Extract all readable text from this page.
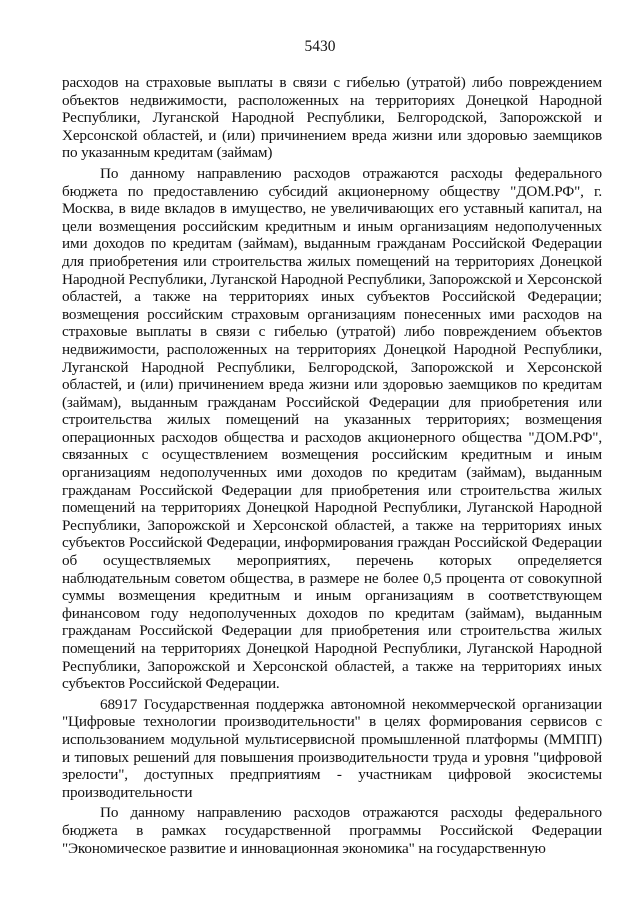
5430

расходов на страховые выплаты в связи с гибелью (утратой) либо повреждением объектов недвижимости, расположенных на территориях Донецкой Народной Республики, Луганской Народной Республики, Белгородской, Запорожской и Херсонской областей, и (или) причинением вреда жизни или здоровью заемщиков по указанным кредитам (займам)

По данному направлению расходов отражаются расходы федерального бюджета по предоставлению субсидий акционерному обществу "ДОМ.РФ", г. Москва, в виде вкладов в имущество, не увеличивающих его уставный капитал, на цели возмещения российским кредитным и иным организациям недополученных ими доходов по кредитам (займам), выданным гражданам Российской Федерации для приобретения или строительства жилых помещений на территориях Донецкой Народной Республики, Луганской Народной Республики, Запорожской и Херсонской областей, а также на территориях иных субъектов Российской Федерации; возмещения российским страховым организациям понесенных ими расходов на страховые выплаты в связи с гибелью (утратой) либо повреждением объектов недвижимости, расположенных на территориях Донецкой Народной Республики, Луганской Народной Республики, Белгородской, Запорожской и Херсонской областей, и (или) причинением вреда жизни или здоровью заемщиков по кредитам (займам), выданным гражданам Российской Федерации для приобретения или строительства жилых помещений на указанных территориях; возмещения операционных расходов общества и расходов акционерного общества "ДОМ.РФ", связанных с осуществлением возмещения российским кредитным и иным организациям недополученных ими доходов по кредитам (займам), выданным гражданам Российской Федерации для приобретения или строительства жилых помещений на территориях Донецкой Народной Республики, Луганской Народной Республики, Запорожской и Херсонской областей, а также на территориях иных субъектов Российской Федерации, информирования граждан Российской Федерации об осуществляемых мероприятиях, перечень которых определяется наблюдательным советом общества, в размере не более 0,5 процента от совокупной суммы возмещения кредитным и иным организациям в соответствующем финансовом году недополученных доходов по кредитам (займам), выданным гражданам Российской Федерации для приобретения или строительства жилых помещений на территориях Донецкой Народной Республики, Луганской Народной Республики, Запорожской и Херсонской областей, а также на территориях иных субъектов Российской Федерации.

68917 Государственная поддержка автономной некоммерческой организации "Цифровые технологии производительности" в целях формирования сервисов с использованием модульной мультисервисной промышленной платформы (ММПП) и типовых решений для повышения производительности труда и уровня "цифровой зрелости", доступных предприятиям - участникам цифровой экосистемы производительности

По данному направлению расходов отражаются расходы федерального бюджета в рамках государственной программы Российской Федерации "Экономическое развитие и инновационная экономика" на государственную
